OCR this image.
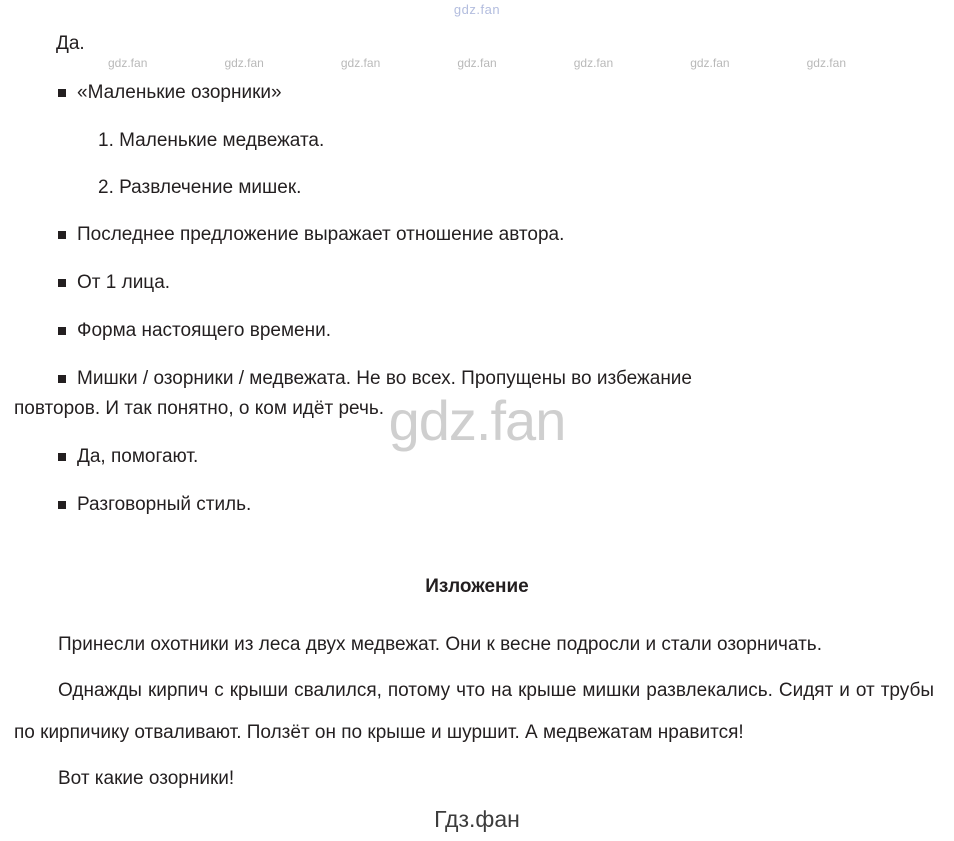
gdz.fan
gdz.fan	gdz.fan	gdz.fan	gdz.fan	gdz.fan	gdz.fan	gdz.fan
gdz.fan

Да.

«Маленькие озорники»

1. Маленькие медвежата.

2. Развлечение мишек.

Последнее предложение выражает отношение автора.
От 1 лица.
Форма настоящего времени.
Мишки / озорники / медвежата. Не во всех. Пропущены во избежание

повторов. И так понятно, о ком идёт речь.

Да, помогают.
Разговорный стиль.
Изложение

Принесли охотники из леса двух медвежат. Они к весне подросли и стали озорничать.

Однажды кирпич с крыши свалился, потому что на крыше мишки развлекались. Сидят и от трубы по кирпичику отваливают. Ползёт он по крыше и шуршит. А медвежатам нравится!

Вот какие озорники!

Гдз.фан
